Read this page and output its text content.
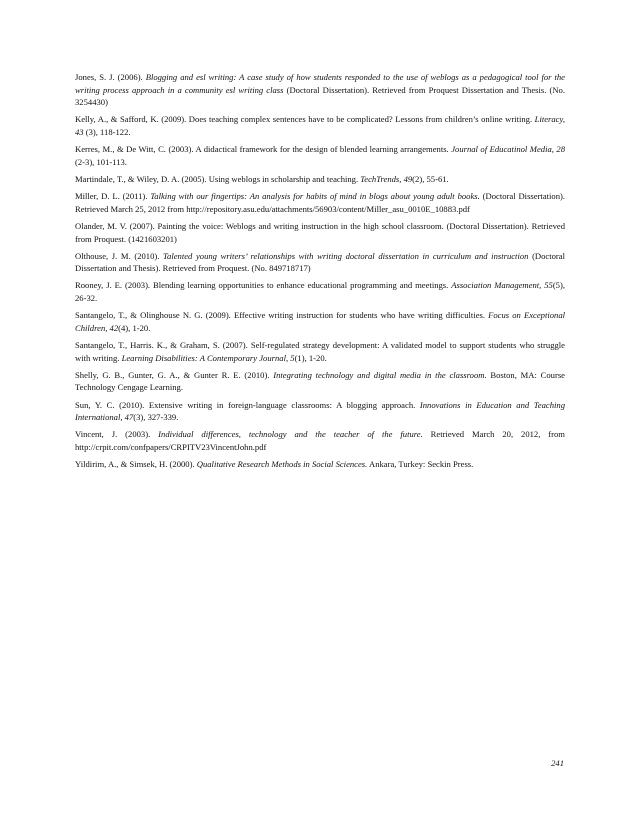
Jones, S. J. (2006). Blogging and esl writing: A case study of how students responded to the use of weblogs as a pedagogical tool for the writing process approach in a community esl writing class (Doctoral Dissertation). Retrieved from Proquest Dissertation and Thesis. (No. 3254430)

Kelly, A., & Safford, K. (2009). Does teaching complex sentences have to be complicated? Lessons from children’s online writing. Literacy, 43 (3), 118-122.

Kerres, M., & De Witt, C. (2003). A didactical framework for the design of blended learning arrangements. Journal of Educatinol Media, 28 (2-3), 101-113.

Martindale, T., & Wiley, D. A. (2005). Using weblogs in scholarship and teaching. TechTrends, 49(2), 55-61.

Miller, D. L. (2011). Talking with our fingertips: An analysis for habits of mind in blogs about young adult books. (Doctoral Dissertation). Retrieved March 25, 2012 from http://repository.asu.edu/attachments/56903/content/Miller_asu_0010E_10883.pdf

Olander, M. V. (2007). Painting the voice: Weblogs and writing instruction in the high school classroom. (Doctoral Dissertation). Retrieved from Proquest. (1421603201)

Olthouse, J. M. (2010). Talented young writers’ relationships with writing doctoral dissertation in curriculum and instruction (Doctoral Dissertation and Thesis). Retrieved from Proquest. (No. 849718717)

Rooney, J. E. (2003). Blending learning opportunities to enhance educational programming and meetings. Association Management, 55(5), 26-32.

Santangelo, T., & Olinghouse N. G. (2009). Effective writing instruction for students who have writing difficulties. Focus on Exceptional Children, 42(4), 1-20.

Santangelo, T., Harris. K., & Graham, S. (2007). Self-regulated strategy development: A validated model to support students who struggle with writing. Learning Disabilities: A Contemporary Journal, 5(1), 1-20.

Shelly, G. B., Gunter, G. A., & Gunter R. E. (2010). Integrating technology and digital media in the classroom. Boston, MA: Course Technology Cengage Learning.

Sun, Y. C. (2010). Extensive writing in foreign-language classrooms: A blogging approach. Innovations in Education and Teaching International, 47(3), 327-339.

Vincent, J. (2003). Individual differences, technology and the teacher of the future. Retrieved March 20, 2012, from http://crpit.com/confpapers/CRPITV23VincentJohn.pdf

Yildirim, A., & Simsek, H. (2000). Qualitative Research Methods in Social Sciences. Ankara, Turkey: Seckin Press.

241
